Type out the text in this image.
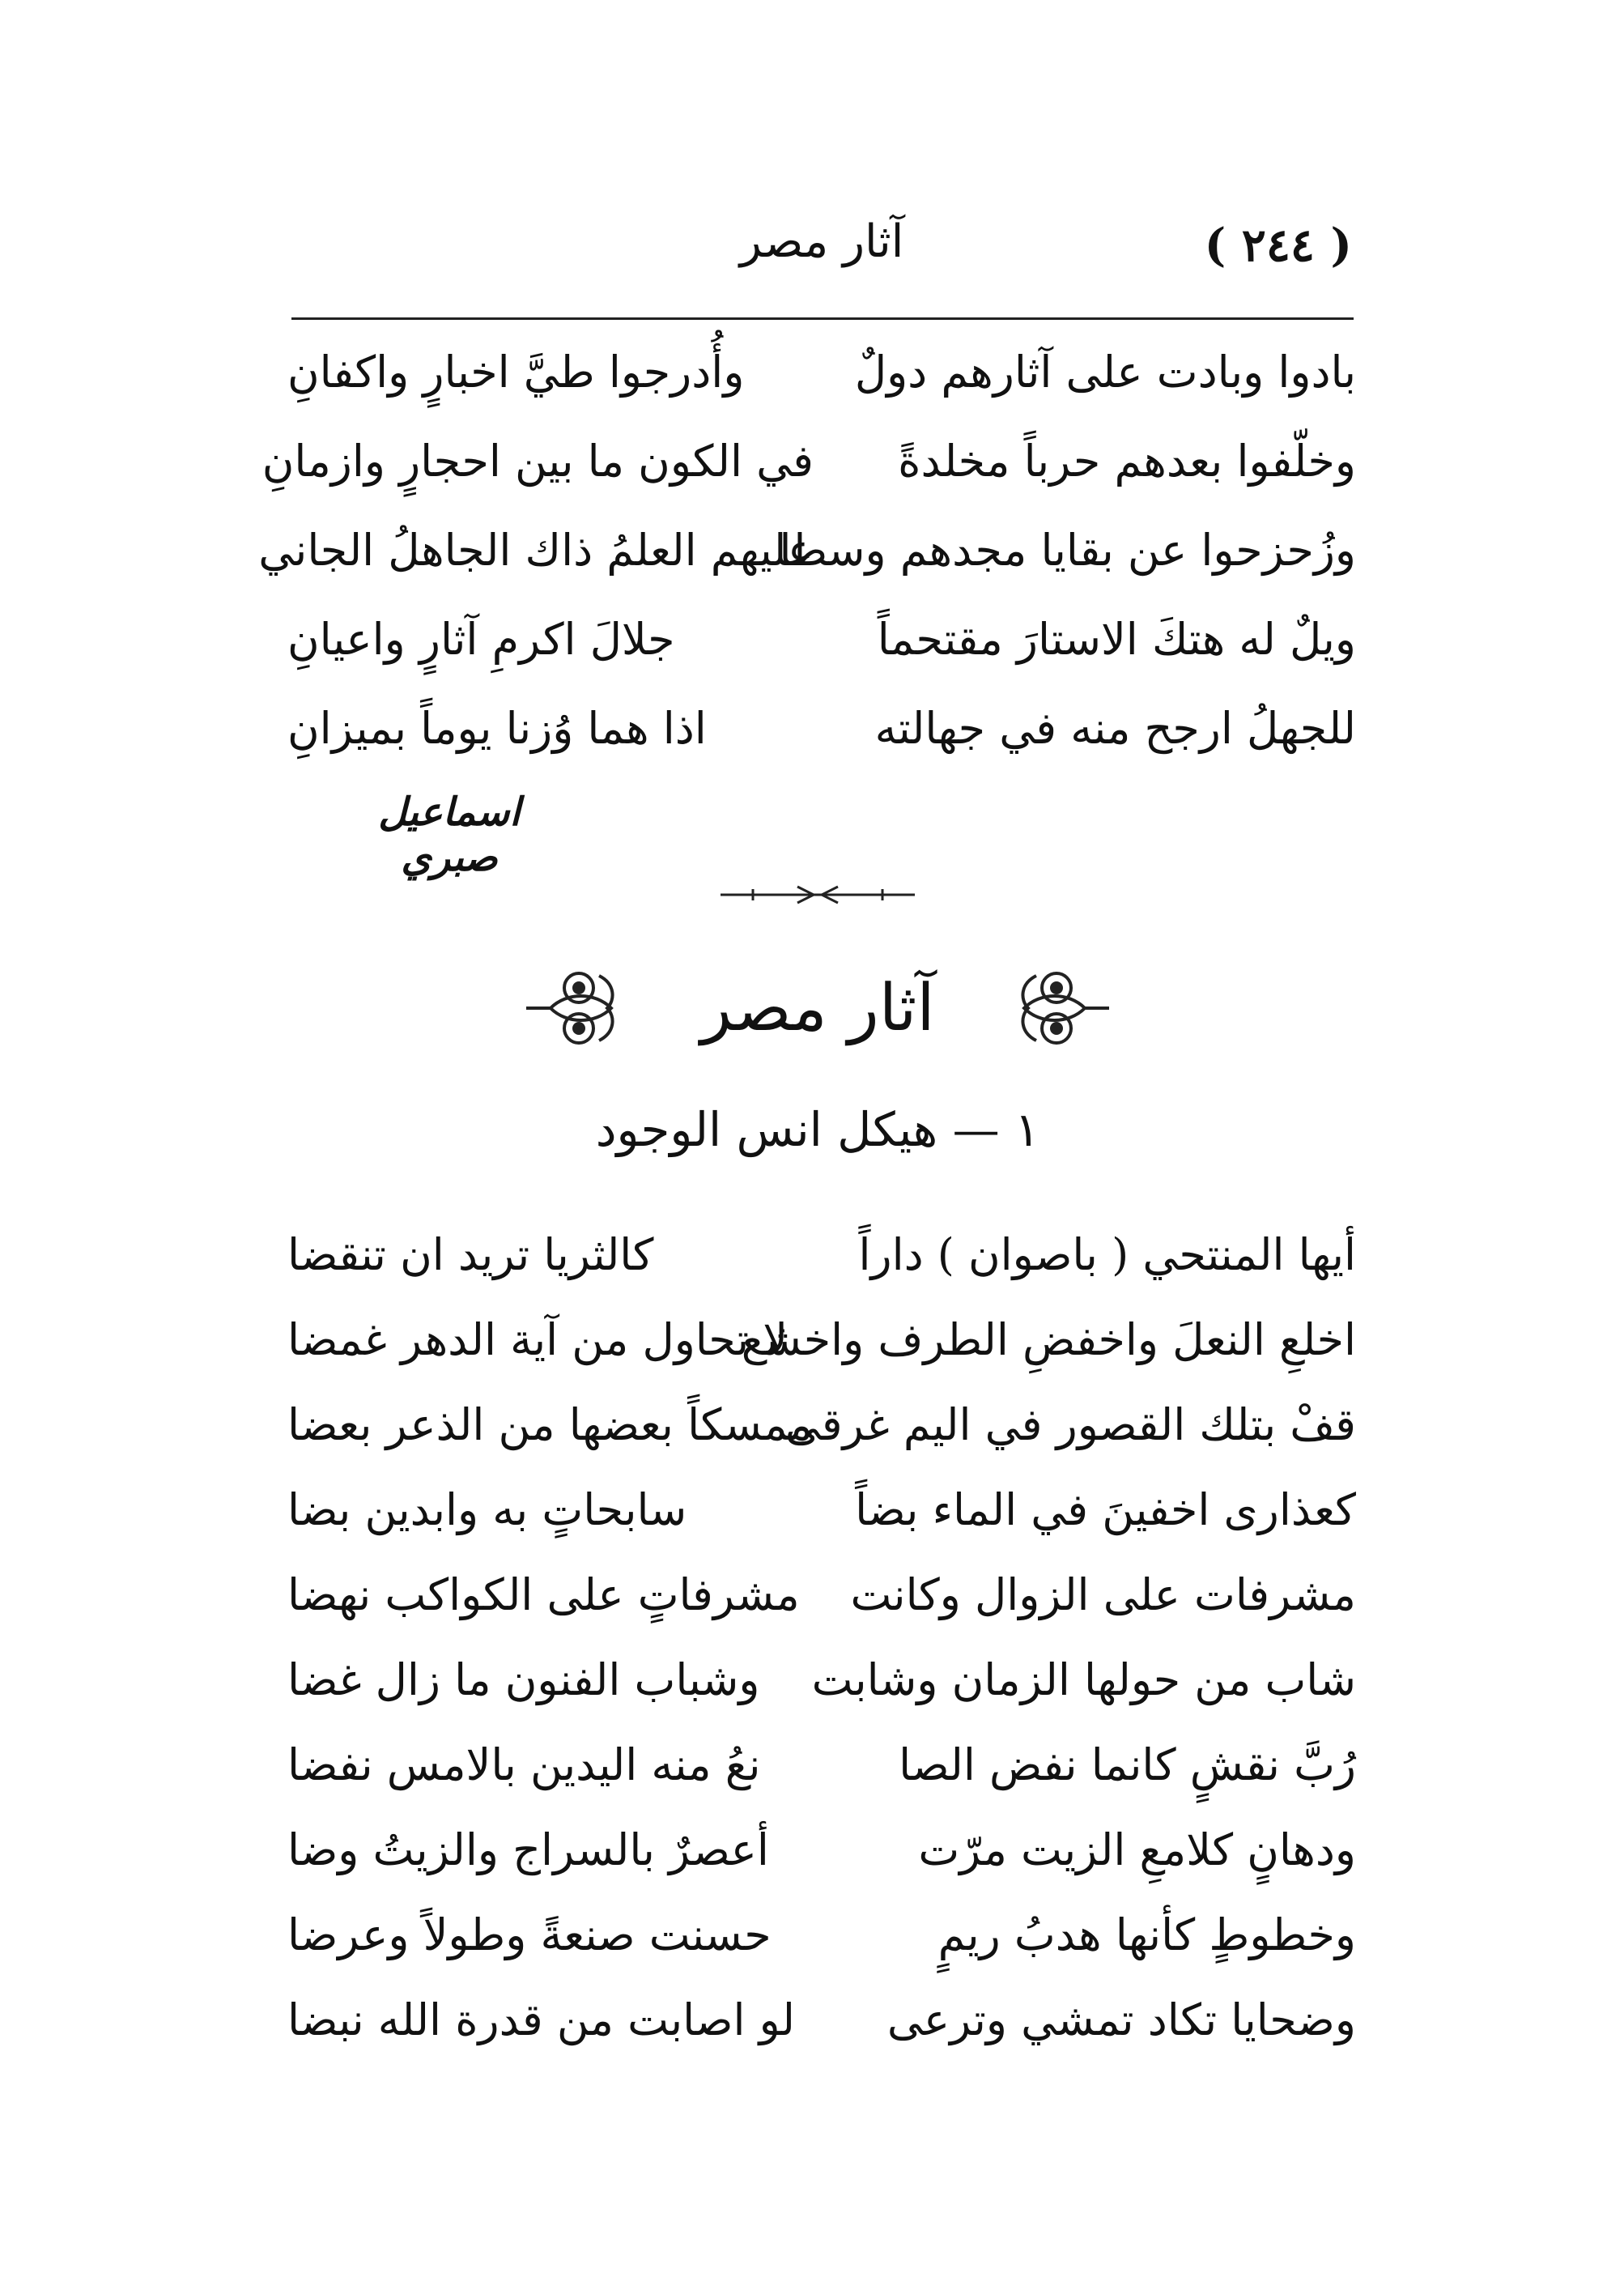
( ٢٤٤ )
آثار مصر
بادوا وبادت على آثارهم دولٌ
وأُدرجوا طيَّ اخبارٍ واكفانِ
وخلّفوا بعدهم حرباً مخلدةً
في الكون ما بين احجارٍ وازمانِ
وزُحزحوا عن بقايا مجدهم وسطا
عليهم العلمُ ذاك الجاهلُ الجاني
ويلٌ له هتكَ الاستارَ مقتحماً
جلالَ اكرمِ آثارٍ واعيانِ
للجهلُ ارجح منه في جهالته
اذا هما وُزنا يوماً بميزانِ
اسماعيل صبري
آثار مصر
١ — هيكل انس الوجود
أيها المنتحي ( باصوان ) داراً
كالثريا تريد ان تنقضا
اخلعِ النعلَ واخفضِ الطرف واخشع
لا تحاول من آية الدهر غمضا
قفْ بتلك القصور في اليم غرقى
ممسكاً بعضها من الذعر بعضا
كعذارى اخفينَ في الماء بضاً
سابحاتٍ به وابدين بضا
مشرفات على الزوال وكانت
مشرفاتٍ على الكواكب نهضا
شاب من حولها الزمان وشابت
وشباب الفنون ما زال غضا
رُبَّ نقشٍ كانما نفض الصا
نعُ منه اليدين بالامس نفضا
ودهانٍ كلامعِ الزيت مرّت
أعصرٌ بالسراج والزيتُ وضا
وخطوطٍ كأنها هدبُ ريمٍ
حسنت صنعةً وطولاً وعرضا
وضحايا تكاد تمشي وترعى
لو اصابت من قدرة الله نبضا
